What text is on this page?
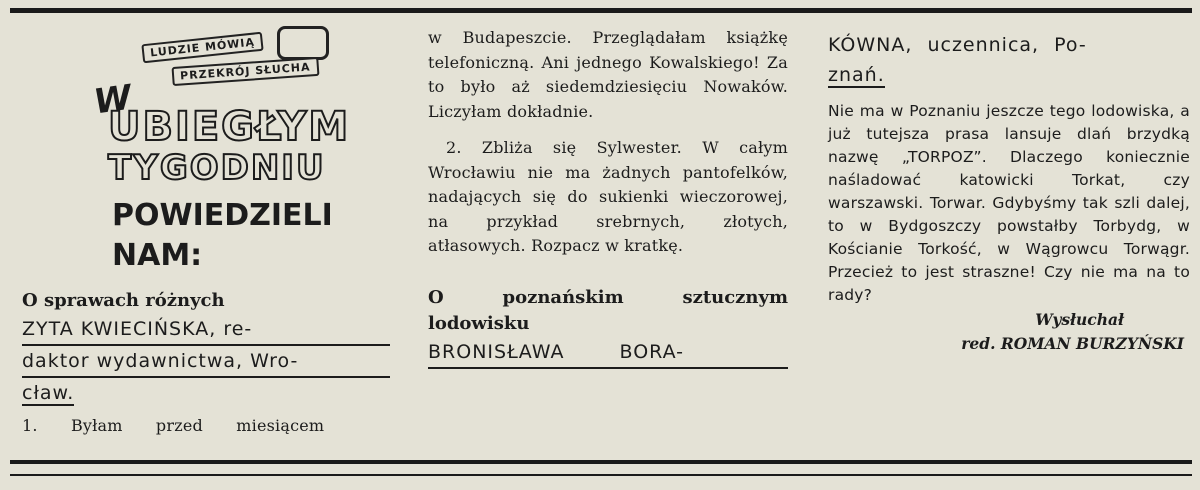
LUDZIE MÓWIĄ
PRZEKRÓJ SŁUCHA
W
UBIEGŁYM
TYGODNIU
POWIEDZIELI
NAM:

O sprawach różnych

ZYTA KWIECIŃSKA, re-

daktor wydawnictwa, Wro-

cław.

1. Byłam przed miesiącem

w Budapeszcie. Przeglądałam książkę telefoniczną. Ani jednego Kowalskiego! Za to było aż siedemdziesięciu Nowaków. Liczyłam dokładnie.

2. Zbliża się Sylwester. W całym Wrocławiu nie ma żadnych pantofelków, nadających się do sukienki wieczorowej, na przykład srebrnych, złotych, atłasowych. Rozpacz w kratkę.

O poznańskim sztucznym lodowisku

BRONISŁAWA BORA-

KÓWNA, uczennica, Po-

znań.

Nie ma w Poznaniu jeszcze tego lodowiska, a już tutejsza prasa lansuje dlań brzydką nazwę „TORPOZ”. Dlaczego koniecznie naśladować katowicki Torkat, czy warszawski. Torwar. Gdybyśmy tak szli dalej, to w Bydgoszczy powstałby Torbydg, w Kościanie Torkość, w Wągrowcu Torwągr. Przecież to jest straszne! Czy nie ma na to rady?

Wysłuchał

red. ROMAN BURZYŃSKI
